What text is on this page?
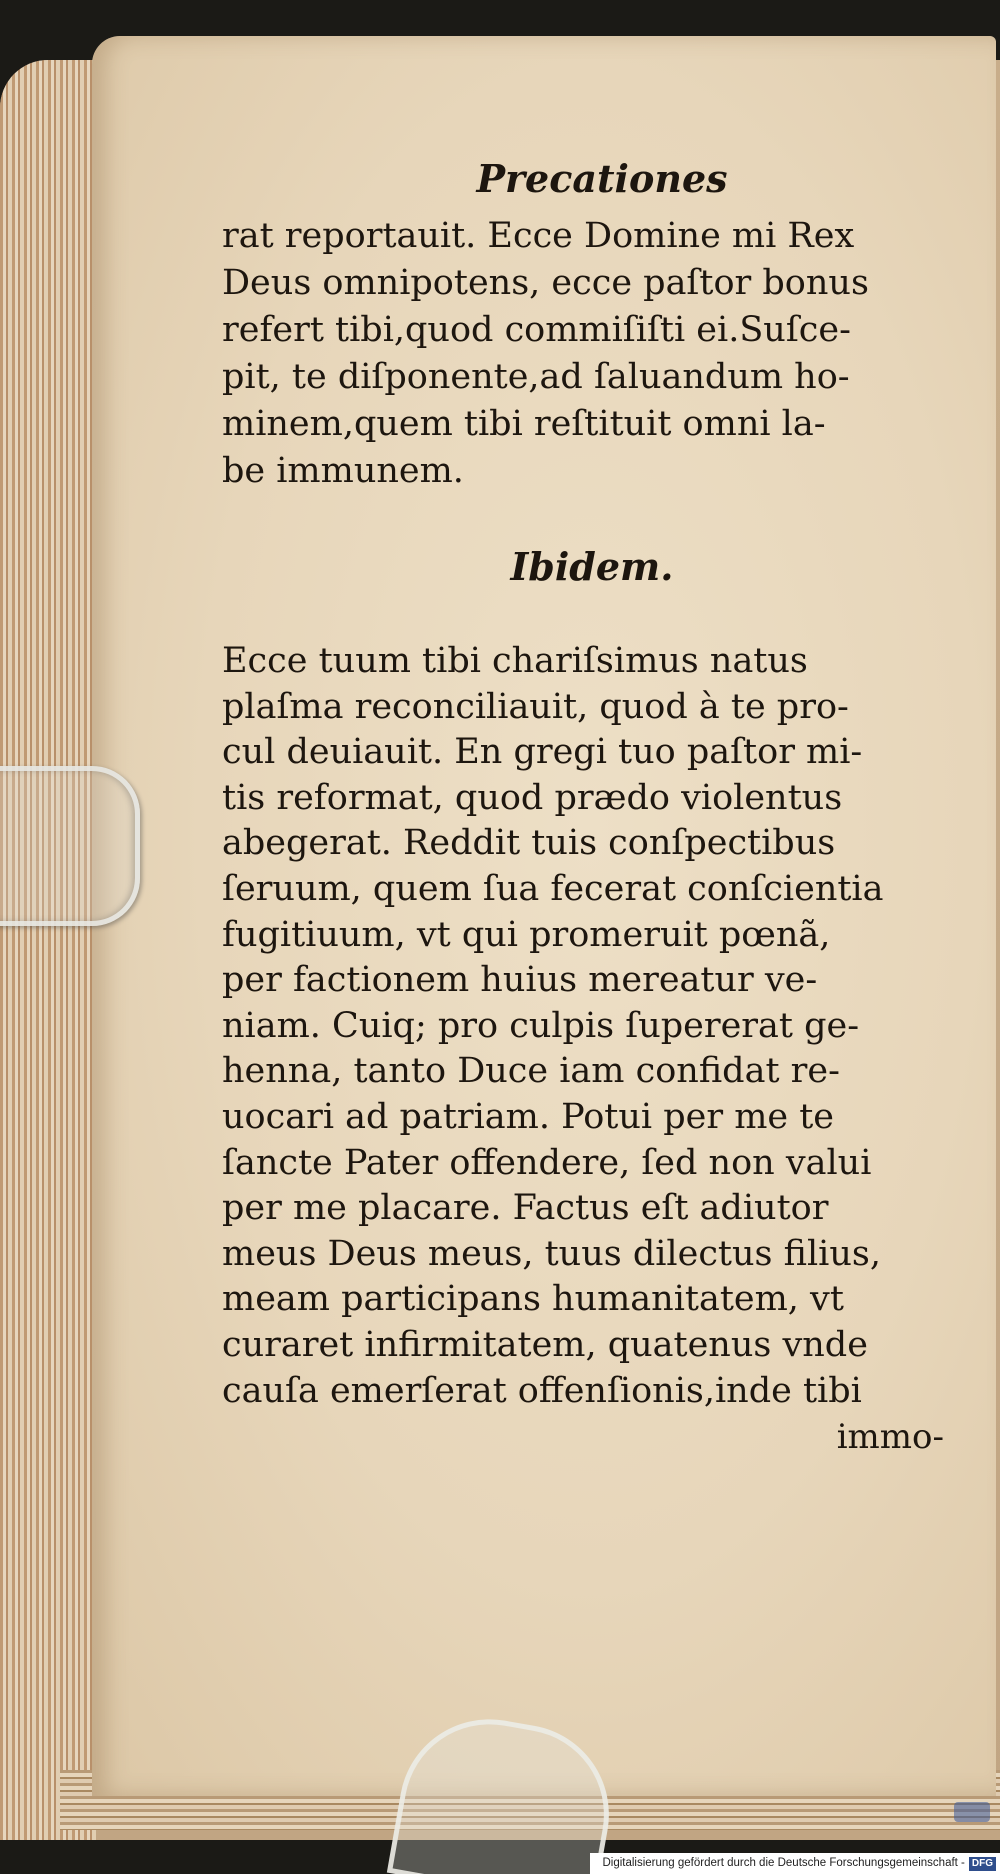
Precationes
rat reportauit. Ecce Domine mi Rex
Deus omnipotens, ecce paſtor bonus
refert tibi,quod commiſiſti ei.Suſce-
pit, te diſponente,ad ſaluandum ho-
minem,quem tibi reſtituit omni la-
be immunem.
Ibidem.
Ecce tuum tibi chariſsimus natus
plaſma reconciliauit, quod à te pro-
cul deuiauit. En gregi tuo paſtor mi-
tis reformat, quod prædo violentus
abegerat. Reddit tuis conſpectibus
ſeruum, quem ſua fecerat conſcientia
fugitiuum, vt qui promeruit pœnã,
per factionem huius mereatur ve-
niam. Cuiq; pro culpis ſupererat ge-
henna, tanto Duce iam confidat re-
uocari ad patriam. Potui per me te
ſancte Pater offendere, ſed non valui
per me placare. Factus eſt adiutor
meus Deus meus, tuus dilectus filius,
meam participans humanitatem, vt
curaret infirmitatem, quatenus vnde
cauſa emerſerat offenſionis,inde tibi
immo-
Digitalisierung gefördert durch die Deutsche Forschungsgemeinschaft - DFG
